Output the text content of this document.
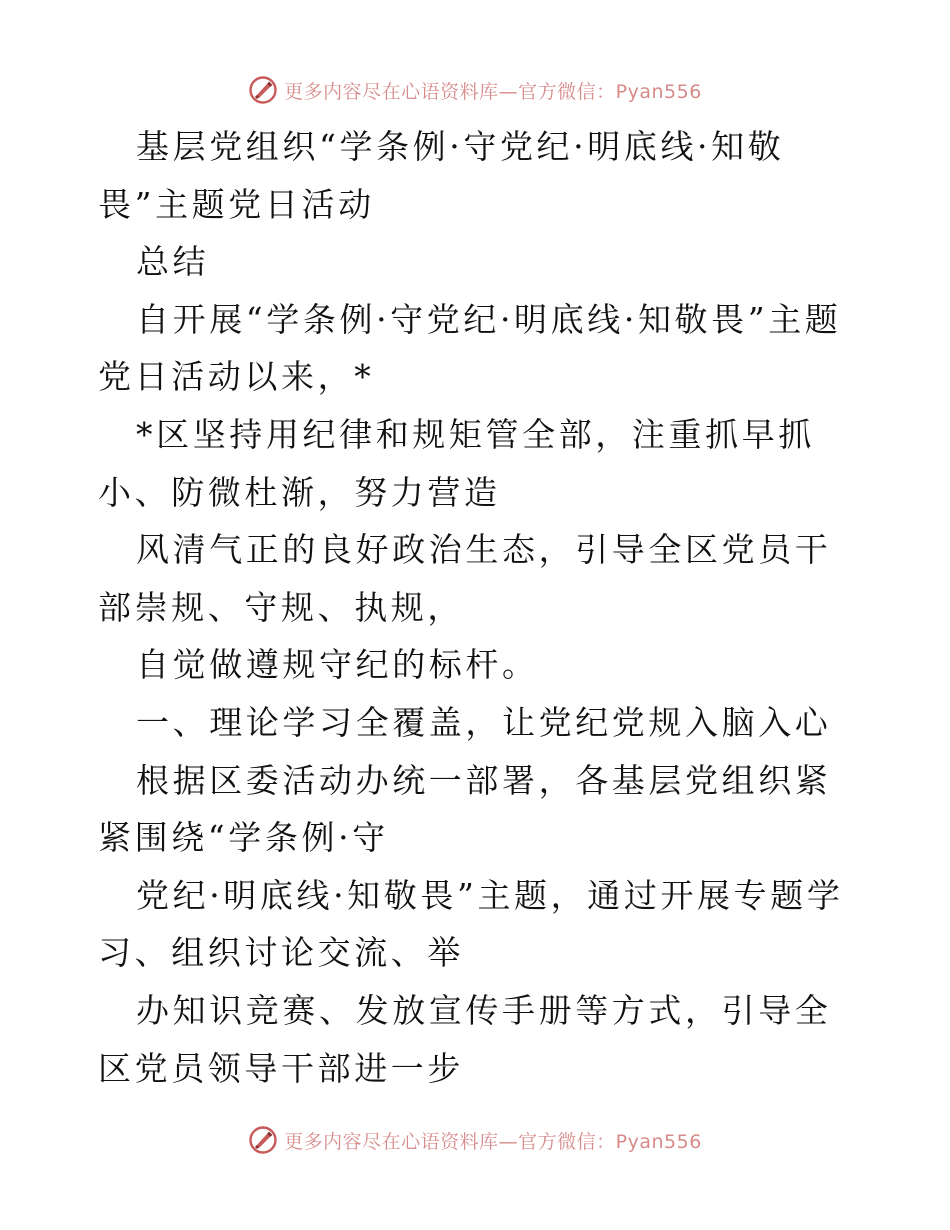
更多内容尽在心语资料库—官方微信：Pyan556

基层党组织“学条例·守党纪·明底线·知敬畏”主题党日活动

总结

自开展“学条例·守党纪·明底线·知敬畏”主题党日活动以来，*

*区坚持用纪律和规矩管全部，注重抓早抓小、防微杜渐，努力营造

风清气正的良好政治生态，引导全区党员干部崇规、守规、执规，

自觉做遵规守纪的标杆。

一、理论学习全覆盖，让党纪党规入脑入心

根据区委活动办统一部署，各基层党组织紧紧围绕“学条例·守

党纪·明底线·知敬畏”主题，通过开展专题学习、组织讨论交流、举

办知识竞赛、发放宣传手册等方式，引导全区党员领导干部进一步

更多内容尽在心语资料库—官方微信：Pyan556
